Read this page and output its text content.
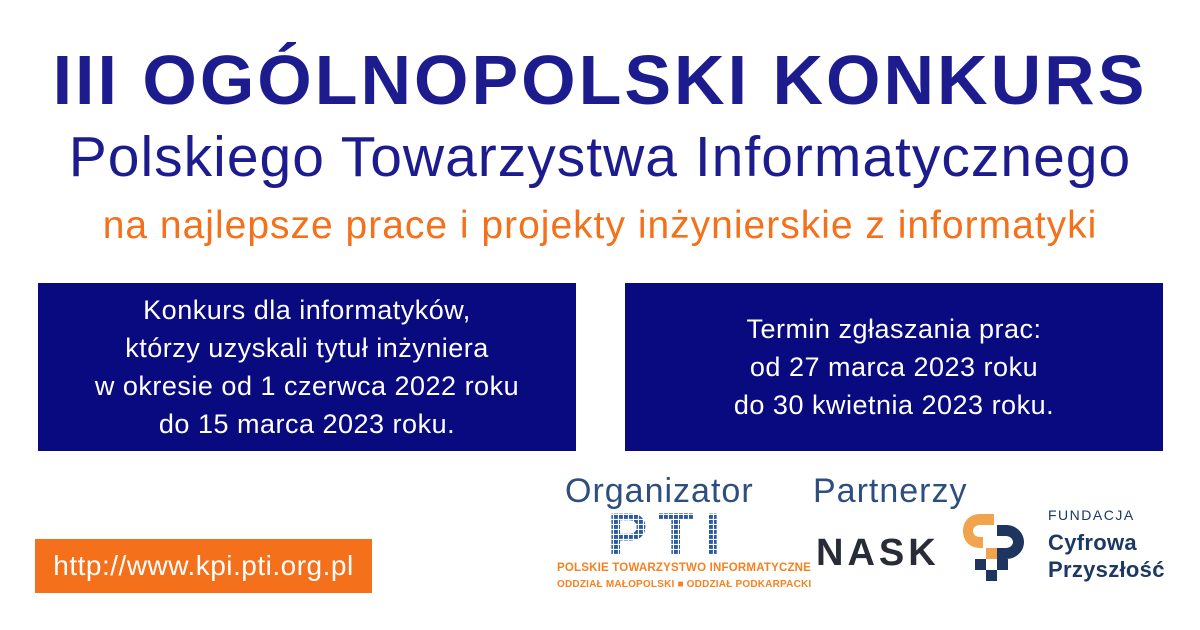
III OGÓLNOPOLSKI KONKURS
Polskiego Towarzystwa Informatycznego
na najlepsze prace i projekty inżynierskie z informatyki
Konkurs dla informatyków,
którzy uzyskali tytuł inżyniera
w okresie od 1 czerwca 2022 roku
do 15 marca 2023 roku.
Termin zgłaszania prac:
od 27 marca 2023 roku
do 30 kwietnia 2023 roku.
http://www.kpi.pti.org.pl
Organizator
PTI
POLSKIE TOWARZYSTWO INFORMATYCZNE
ODDZIAŁ MAŁOPOLSKI ■ ODDZIAŁ PODKARPACKI
Partnerzy
NASK
FUNDACJA
Cyfrowa
Przyszłość
